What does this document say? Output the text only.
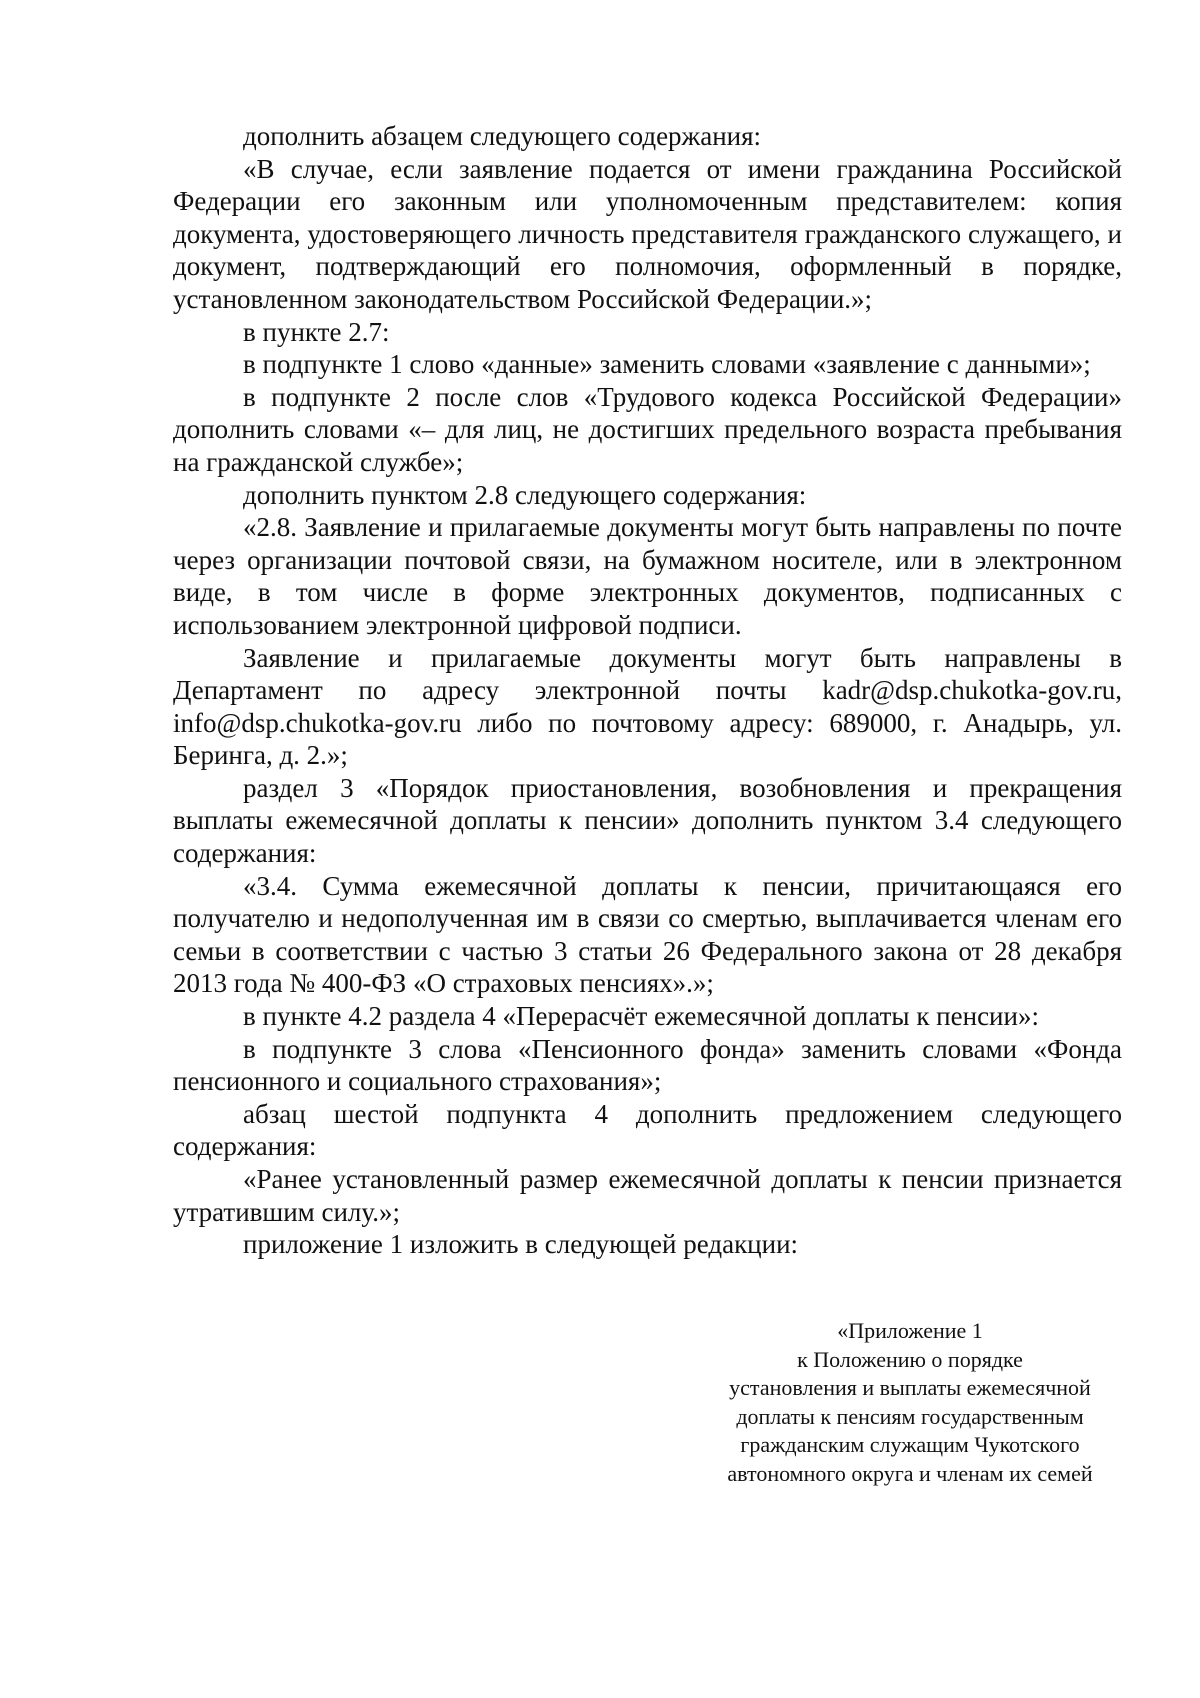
дополнить абзацем следующего содержания:

«В случае, если заявление подается от имени гражданина Российской Федерации его законным или уполномоченным представителем: копия документа, удостоверяющего личность представителя гражданского служащего, и документ, подтверждающий его полномочия, оформленный в порядке, установленном законодательством Российской Федерации.»;

в пункте 2.7:

в подпункте 1 слово «данные» заменить словами «заявление с данными»;

в подпункте 2 после слов «Трудового кодекса Российской Федерации» дополнить словами «– для лиц, не достигших предельного возраста пребывания на гражданской службе»;

дополнить пунктом 2.8 следующего содержания:

«2.8. Заявление и прилагаемые документы могут быть направлены по почте через организации почтовой связи, на бумажном носителе, или в электронном виде, в том числе в форме электронных документов, подписанных с использованием электронной цифровой подписи.

Заявление и прилагаемые документы могут быть направлены в Департамент по адресу электронной почты kadr@dsp.chukotka-gov.ru, info@dsp.chukotka-gov.ru либо по почтовому адресу: 689000, г. Анадырь, ул. Беринга, д. 2.»;

раздел 3 «Порядок приостановления, возобновления и прекращения выплаты ежемесячной доплаты к пенсии» дополнить пунктом 3.4 следующего содержания:

«3.4. Сумма ежемесячной доплаты к пенсии, причитающаяся его получателю и недополученная им в связи со смертью, выплачивается членам его семьи в соответствии с частью 3 статьи 26 Федерального закона от 28 декабря 2013 года № 400-ФЗ «О страховых пенсиях».»;

в пункте 4.2 раздела 4 «Перерасчёт ежемесячной доплаты к пенсии»:

в подпункте 3 слова «Пенсионного фонда» заменить словами «Фонда пенсионного и социального страхования»;

абзац шестой подпункта 4 дополнить предложением следующего содержания:

«Ранее установленный размер ежемесячной доплаты к пенсии признается утратившим силу.»;

приложение 1 изложить в следующей редакции:

«Приложение 1
к Положению о порядке
установления и выплаты ежемесячной
доплаты к пенсиям государственным
гражданским служащим Чукотского
автономного округа и членам их семей
